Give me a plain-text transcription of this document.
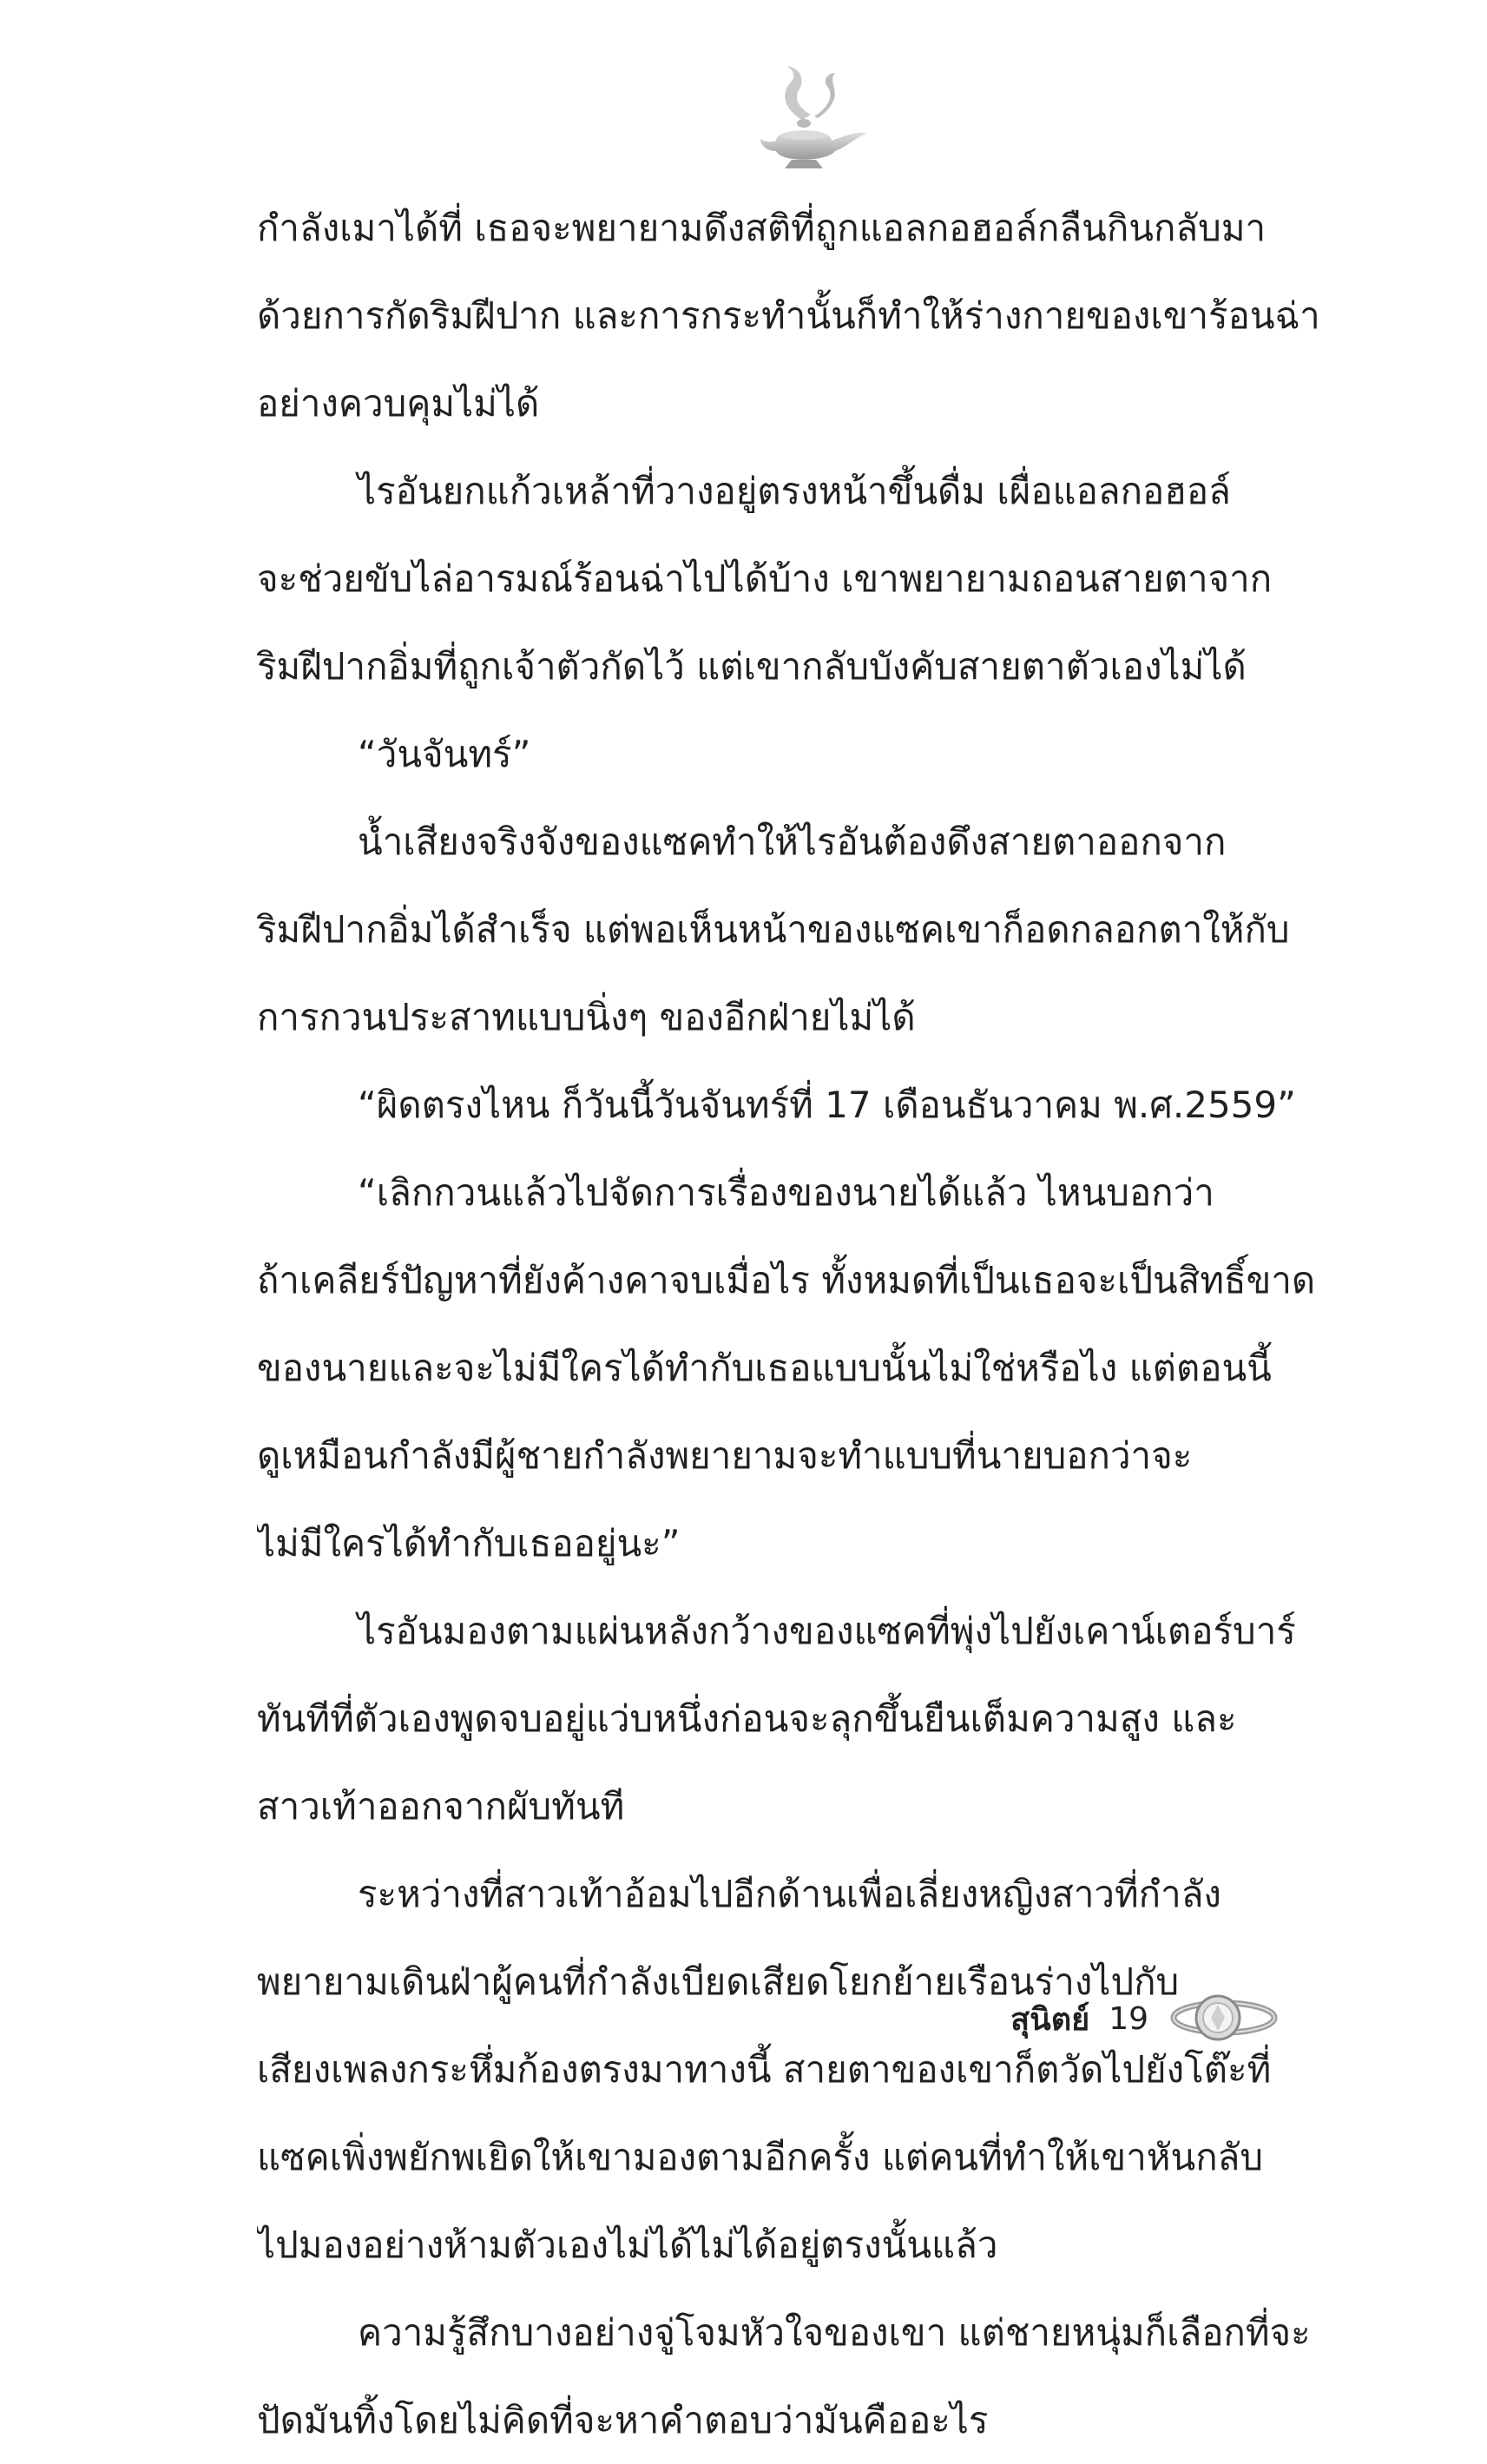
กำลังเมาได้ที่ เธอจะพยายามดึงสติที่ถูกแอลกอฮอล์กลืนกินกลับมา
ด้วยการกัดริมฝีปาก และการกระทำนั้นก็ทำให้ร่างกายของเขาร้อนฉ่า
อย่างควบคุมไม่ได้
ไรอันยกแก้วเหล้าที่วางอยู่ตรงหน้าขึ้นดื่ม เผื่อแอลกอฮอล์
จะช่วยขับไล่อารมณ์ร้อนฉ่าไปได้บ้าง เขาพยายามถอนสายตาจาก
ริมฝีปากอิ่มที่ถูกเจ้าตัวกัดไว้ แต่เขากลับบังคับสายตาตัวเองไม่ได้
“วันจันทร์”
น้ำเสียงจริงจังของแซคทำให้ไรอันต้องดึงสายตาออกจาก
ริมฝีปากอิ่มได้สำเร็จ แต่พอเห็นหน้าของแซคเขาก็อดกลอกตาให้กับ
การกวนประสาทแบบนิ่งๆ ของอีกฝ่ายไม่ได้
“ผิดตรงไหน ก็วันนี้วันจันทร์ที่ 17 เดือนธันวาคม พ.ศ.2559”
“เลิกกวนแล้วไปจัดการเรื่องของนายได้แล้ว ไหนบอกว่า
ถ้าเคลียร์ปัญหาที่ยังค้างคาจบเมื่อไร ทั้งหมดที่เป็นเธอจะเป็นสิทธิ์ขาด
ของนายและจะไม่มีใครได้ทำกับเธอแบบนั้นไม่ใช่หรือไง แต่ตอนนี้
ดูเหมือนกำลังมีผู้ชายกำลังพยายามจะทำแบบที่นายบอกว่าจะ
ไม่มีใครได้ทำกับเธออยู่นะ”
ไรอันมองตามแผ่นหลังกว้างของแซคที่พุ่งไปยังเคาน์เตอร์บาร์
ทันทีที่ตัวเองพูดจบอยู่แว่บหนึ่งก่อนจะลุกขึ้นยืนเต็มความสูง และ
สาวเท้าออกจากผับทันที
ระหว่างที่สาวเท้าอ้อมไปอีกด้านเพื่อเลี่ยงหญิงสาวที่กำลัง
พยายามเดินฝ่าผู้คนที่กำลังเบียดเสียดโยกย้ายเรือนร่างไปกับ
เสียงเพลงกระหึ่มก้องตรงมาทางนี้ สายตาของเขาก็ตวัดไปยังโต๊ะที่
แซคเพิ่งพยักพเยิดให้เขามองตามอีกครั้ง แต่คนที่ทำให้เขาหันกลับ
ไปมองอย่างห้ามตัวเองไม่ได้ไม่ได้อยู่ตรงนั้นแล้ว
ความรู้สึกบางอย่างจู่โจมหัวใจของเขา แต่ชายหนุ่มก็เลือกที่จะ
ปัดมันทิ้งโดยไม่คิดที่จะหาคำตอบว่ามันคืออะไร
สุนิตย์ 19
